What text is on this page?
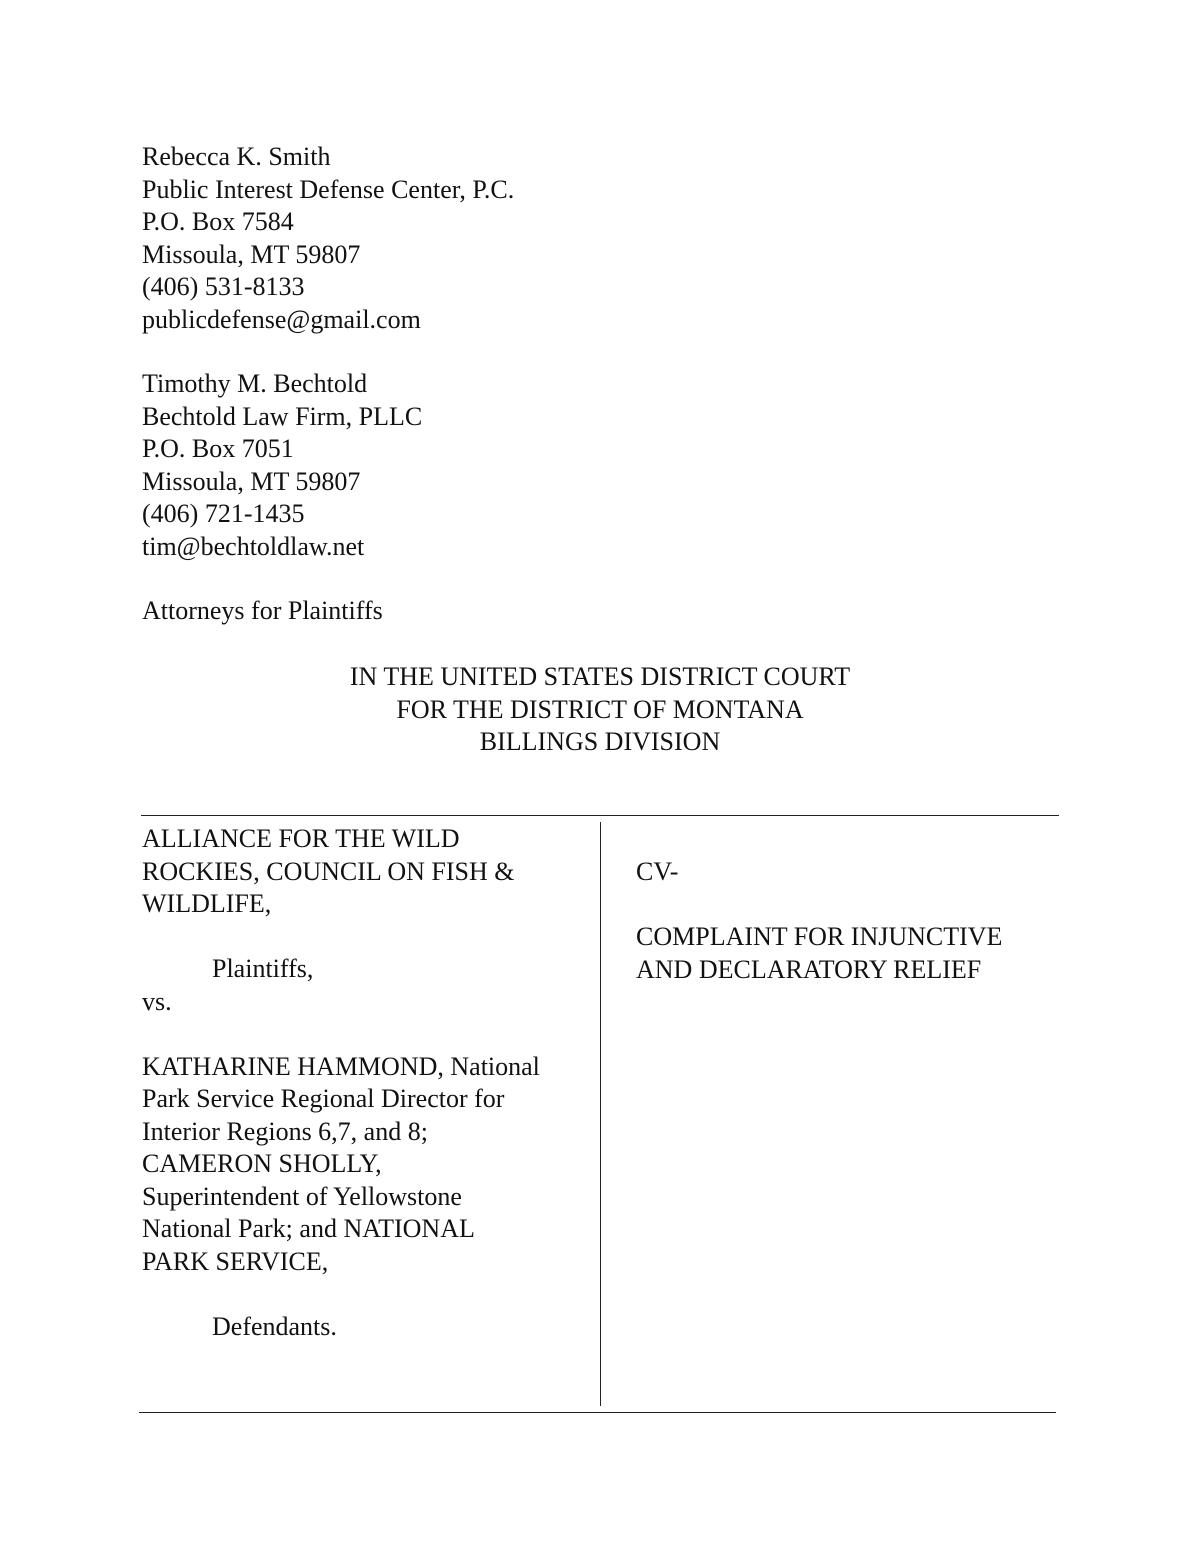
Rebecca K. Smith
Public Interest Defense Center, P.C.
P.O. Box 7584
Missoula, MT 59807
(406) 531-8133
publicdefense@gmail.com
Timothy M. Bechtold
Bechtold Law Firm, PLLC
P.O. Box 7051
Missoula, MT 59807
(406) 721-1435
tim@bechtoldlaw.net
Attorneys for Plaintiffs
IN THE UNITED STATES DISTRICT COURT
FOR THE DISTRICT OF MONTANA
BILLINGS DIVISION
ALLIANCE FOR THE WILD
ROCKIES, COUNCIL ON FISH &
WILDLIFE,
Plaintiffs,
vs.
KATHARINE HAMMOND, National
Park Service Regional Director for
Interior Regions 6,7, and 8;
CAMERON SHOLLY,
Superintendent of Yellowstone
National Park; and NATIONAL
PARK SERVICE,
Defendants.
CV-
COMPLAINT FOR INJUNCTIVE
AND DECLARATORY RELIEF
